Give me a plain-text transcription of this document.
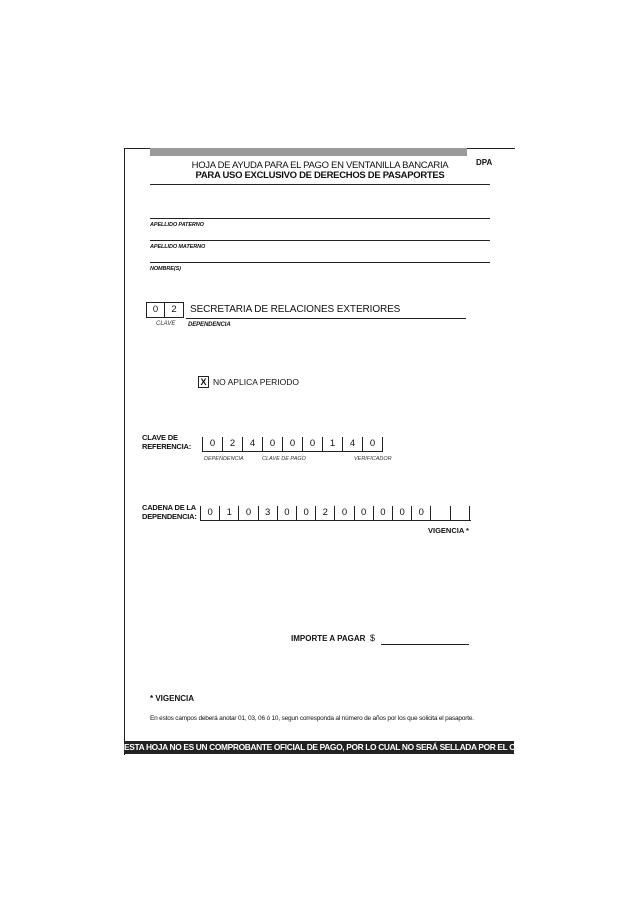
HOJA DE AYUDA PARA EL PAGO EN VENTANILLA BANCARIA
PARA USO EXCLUSIVO DE DERECHOS DE PASAPORTES
DPA
APELLIDO PATERNO
APELLIDO MATERNO
NOMBRE(S)
0	2	SECRETARIA DE RELACIONES EXTERIORES
CLAVE DEPENDENCIA
X NO APLICA PERIODO
CLAVE DE
REFERENCIA:	0	2	4	0	0	0	1	4	0
DEPENDENCIA	CLAVE DE PAGO	VERIFICADOR
CADENA DE LA
DEPENDENCIA:	0	1	0	3	0	0	2	0	0	0	0	0
VIGENCIA *
IMPORTE A PAGAR $
* VIGENCIA
En estos campos deberá anotar 01, 03, 06 ó 10, segun corresponda al número de años por los que solicita el pasaporte.
ESTA HOJA NO ES UN COMPROBANTE OFICIAL DE PAGO, POR LO CUAL NO SERÁ SELLADA POR EL CAJERO
